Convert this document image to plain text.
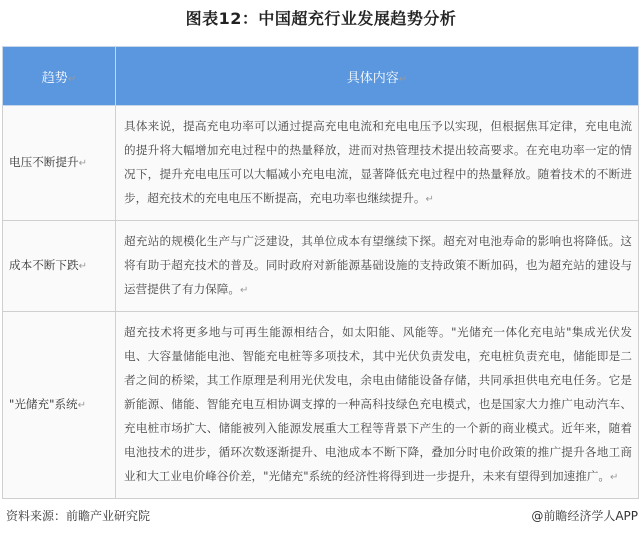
图表12：中国超充行业发展趋势分析
趋势↵	具体内容↵
电压不断提升↵	具体来说，提高充电功率可以通过提高充电电流和充电电压予以实现，但根据焦耳定律，充电电流的提升将大幅增加充电过程中的热量释放，进而对热管理技术提出较高要求。在充电功率一定的情况下，提升充电电压可以大幅减小充电电流，显著降低充电过程中的热量释放。随着技术的不断进步，超充技术的充电电压不断提高，充电功率也继续提升。↵
成本不断下跌↵	超充站的规模化生产与广泛建设，其单位成本有望继续下探。超充对电池寿命的影响也将降低。这将有助于超充技术的普及。同时政府对新能源基础设施的支持政策不断加码，也为超充站的建设与运营提供了有力保障。↵
"光储充"系统↵	超充技术将更多地与可再生能源相结合，如太阳能、风能等。"光储充一体化充电站"集成光伏发电、大容量储能电池、智能充电桩等多项技术，其中光伏负责发电，充电桩负责充电，储能即是二者之间的桥梁，其工作原理是利用光伏发电，余电由储能设备存储，共同承担供电充电任务。它是新能源、储能、智能充电互相协调支撑的一种高科技绿色充电模式，也是国家大力推广电动汽车、充电桩市场扩大、储能被列入能源发展重大工程等背景下产生的一个新的商业模式。近年来，随着电池技术的进步，循环次数逐渐提升、电池成本不断下降，叠加分时电价政策的推广提升各地工商业和大工业电价峰谷价差，"光储充"系统的经济性将得到进一步提升，未来有望得到加速推广。↵
资料来源：前瞻产业研究院	@前瞻经济学人APP
